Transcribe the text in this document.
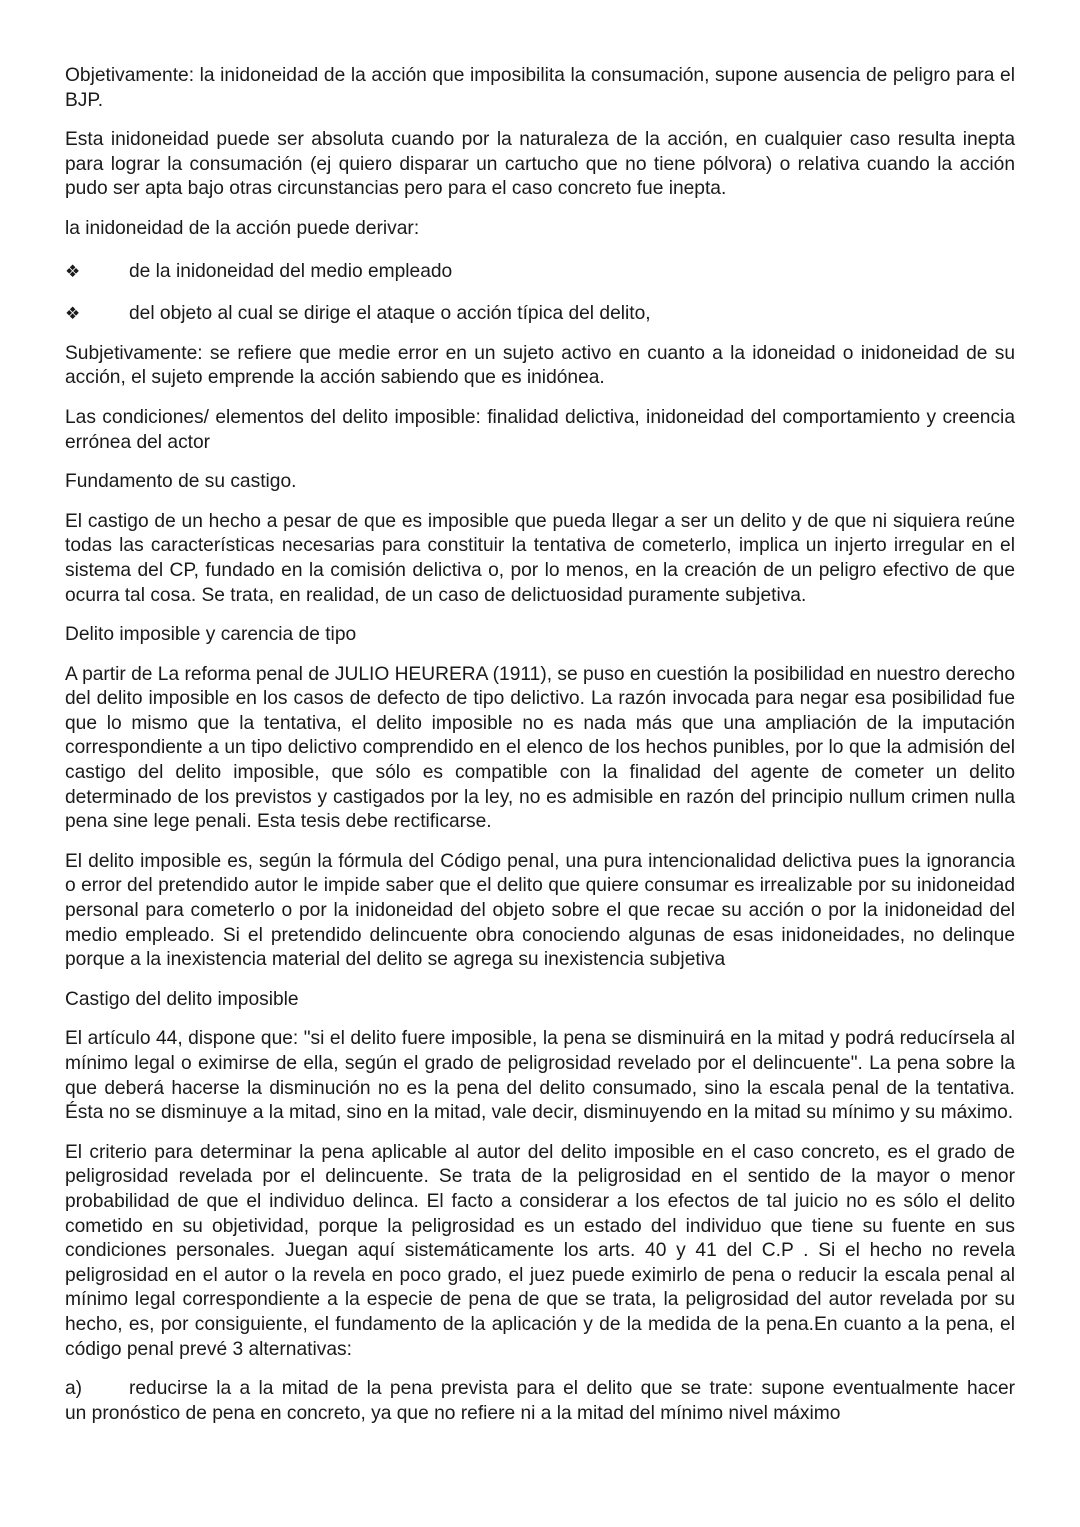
Objetivamente: la inidoneidad de la acción que imposibilita la consumación, supone ausencia de peligro para el BJP.

Esta inidoneidad puede ser absoluta cuando por la naturaleza de la acción, en cualquier caso resulta inepta para lograr la consumación (ej quiero disparar un cartucho que no tiene pólvora) o relativa cuando la acción pudo ser apta bajo otras circunstancias pero para el caso concreto fue inepta.

la inidoneidad de la acción puede derivar:

❖	de la inidoneidad del medio empleado
❖	del objeto al cual se dirige el ataque o acción típica del delito,

Subjetivamente: se refiere que medie error en un sujeto activo en cuanto a la idoneidad o inidoneidad de su acción, el sujeto emprende la acción sabiendo que es inidónea.

Las condiciones/ elementos del delito imposible: finalidad delictiva, inidoneidad del comportamiento y creencia errónea del actor

Fundamento de su castigo.

El castigo de un hecho a pesar de que es imposible que pueda llegar a ser un delito y de que ni siquiera reúne todas las características necesarias para constituir la tentativa de cometerlo, implica un injerto irregular en el sistema del CP, fundado en la comisión delictiva o, por lo menos, en la creación de un peligro efectivo de que ocurra tal cosa. Se trata, en realidad, de un caso de delictuosidad puramente subjetiva.

Delito imposible y carencia de tipo

A partir de La reforma penal de JULIO HEURERA (1911), se puso en cuestión la posibilidad en nuestro derecho del delito imposible en los casos de defecto de tipo delictivo. La razón invocada para negar esa posibilidad fue que lo mismo que la tentativa, el delito imposible no es nada más que una ampliación de la imputación correspondiente a un tipo delictivo comprendido en el elenco de los hechos punibles, por lo que la admisión del castigo del delito imposible, que sólo es compatible con la finalidad del agente de cometer un delito determinado de los previstos y castigados por la ley, no es admisible en razón del principio nullum crimen nulla pena sine lege penali. Esta tesis debe rectificarse.

El delito imposible es, según la fórmula del Código penal, una pura intencionalidad delictiva pues la ignorancia o error del pretendido autor le impide saber que el delito que quiere consumar es irrealizable por su inidoneidad personal para cometerlo o por la inidoneidad del objeto sobre el que recae su acción o por la inidoneidad del medio empleado. Si el pretendido delincuente obra conociendo algunas de esas inidoneidades, no delinque porque a la inexistencia material del delito se agrega su inexistencia subjetiva

Castigo del delito imposible

El artículo 44, dispone que: "si el delito fuere imposible, la pena se disminuirá en la mitad y podrá reducírsela al mínimo legal o eximirse de ella, según el grado de peligrosidad revelado por el delincuente". La pena sobre la que deberá hacerse la disminución no es la pena del delito consumado, sino la escala penal de la tentativa. Ésta no se disminuye a la mitad, sino en la mitad, vale decir, disminuyendo en la mitad su mínimo y su máximo.

El criterio para determinar la pena aplicable al autor del delito imposible en el caso concreto, es el grado de peligrosidad revelada por el delincuente. Se trata de la peligrosidad en el sentido de la mayor o menor probabilidad de que el individuo delinca. El facto a considerar a los efectos de tal juicio no es sólo el delito cometido en su objetividad, porque la peligrosidad es un estado del individuo que tiene su fuente en sus condiciones personales. Juegan aquí sistemáticamente los arts. 40 y 41 del C.P . Si el hecho no revela peligrosidad en el autor o la revela en poco grado, el juez puede eximirlo de pena o reducir la escala penal al mínimo legal correspondiente a la especie de pena de que se trata, la peligrosidad del autor revelada por su hecho, es, por consiguiente, el fundamento de la aplicación y de la medida de la pena.En cuanto a la pena, el código penal prevé 3 alternativas:

a)	reducirse la a la mitad de la pena prevista para el delito que se trate: supone eventualmente hacer
un pronóstico de pena en concreto, ya que no refiere ni a la mitad del mínimo nivel máximo
